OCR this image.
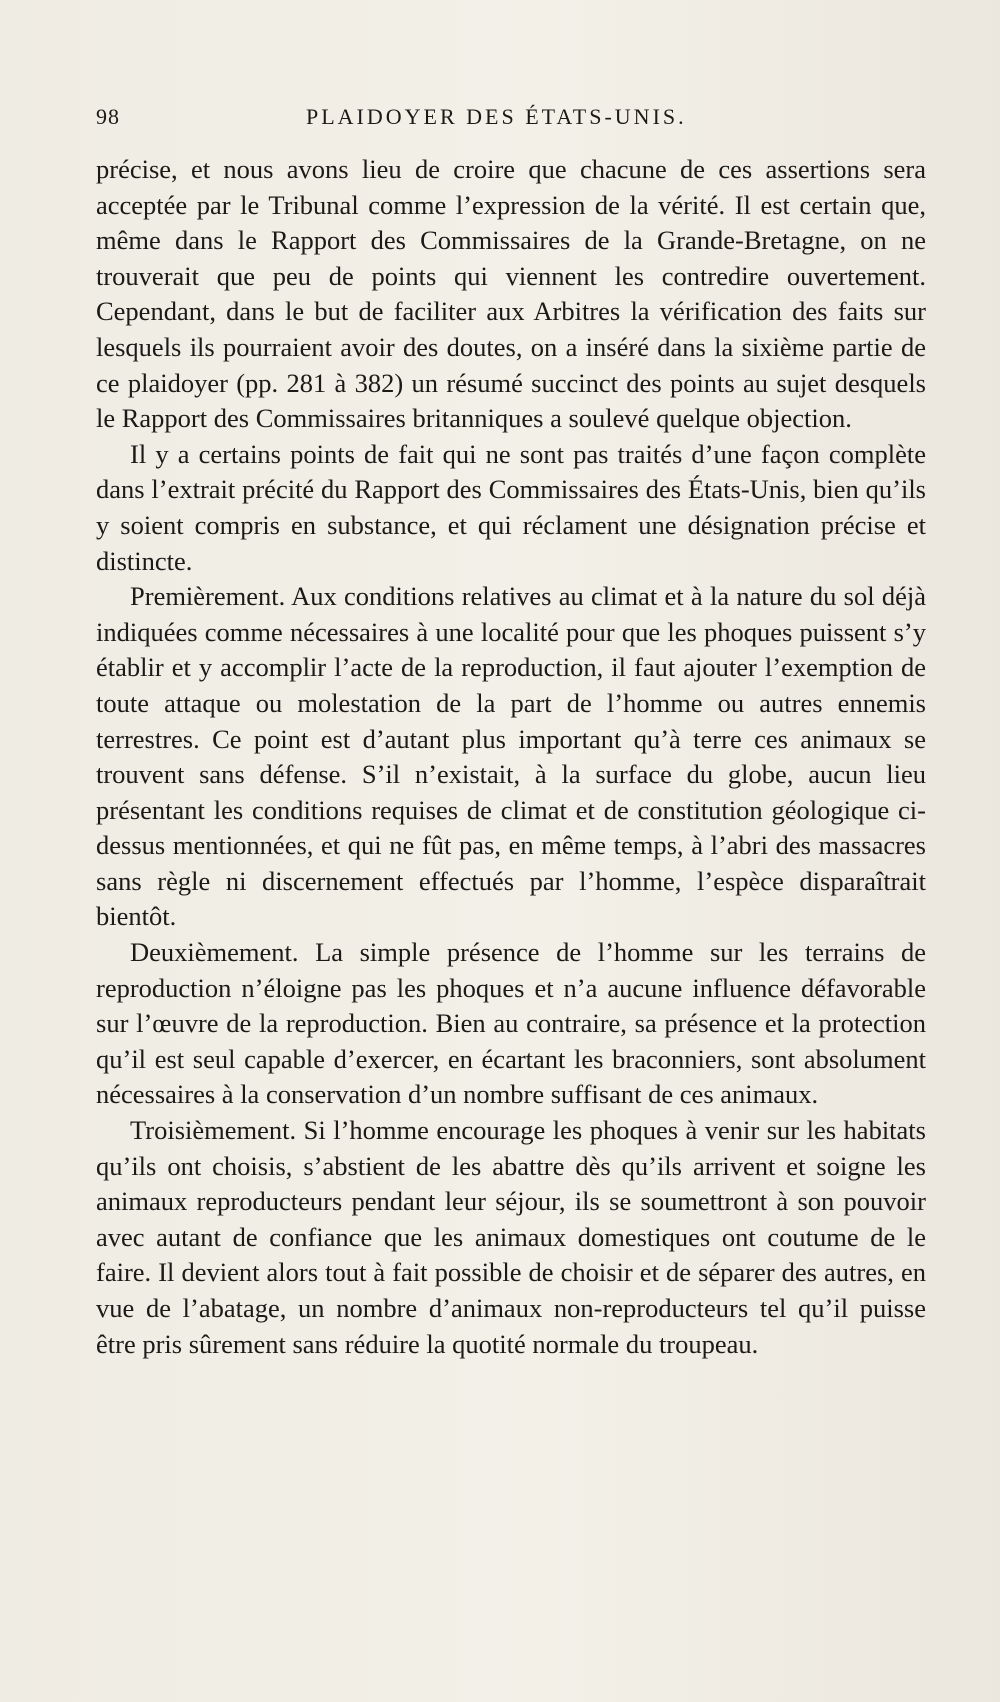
98	PLAIDOYER DES ÉTATS-UNIS.

précise, et nous avons lieu de croire que chacune de ces assertions sera acceptée par le Tribunal comme l’expression de la vérité. Il est certain que, même dans le Rapport des Commissaires de la Grande-Bretagne, on ne trouverait que peu de points qui viennent les contredire ouvertement. Cependant, dans le but de faciliter aux Arbitres la vérification des faits sur lesquels ils pourraient avoir des doutes, on a inséré dans la sixième partie de ce plaidoyer (pp. 281 à 382) un résumé succinct des points au sujet desquels le Rapport des Commissaires britanniques a soulevé quelque objection.

Il y a certains points de fait qui ne sont pas traités d’une façon complète dans l’extrait précité du Rapport des Commissaires des États-Unis, bien qu’ils y soient compris en substance, et qui réclament une désignation précise et distincte.

Premièrement. Aux conditions relatives au climat et à la nature du sol déjà indiquées comme nécessaires à une localité pour que les phoques puissent s’y établir et y accomplir l’acte de la reproduction, il faut ajouter l’exemption de toute attaque ou molestation de la part de l’homme ou autres ennemis terrestres. Ce point est d’autant plus important qu’à terre ces animaux se trouvent sans défense. S’il n’existait, à la surface du globe, aucun lieu présentant les conditions requises de climat et de constitution géologique ci-dessus mentionnées, et qui ne fût pas, en même temps, à l’abri des massacres sans règle ni discernement effectués par l’homme, l’espèce disparaîtrait bientôt.

Deuxièmement. La simple présence de l’homme sur les terrains de reproduction n’éloigne pas les phoques et n’a aucune influence défavorable sur l’œuvre de la reproduction. Bien au contraire, sa présence et la protection qu’il est seul capable d’exercer, en écartant les braconniers, sont absolument nécessaires à la conservation d’un nombre suffisant de ces animaux.

Troisièmement. Si l’homme encourage les phoques à venir sur les habitats qu’ils ont choisis, s’abstient de les abattre dès qu’ils arrivent et soigne les animaux reproducteurs pendant leur séjour, ils se soumettront à son pouvoir avec autant de confiance que les animaux domestiques ont coutume de le faire. Il devient alors tout à fait possible de choisir et de séparer des autres, en vue de l’abatage, un nombre d’animaux non-reproducteurs tel qu’il puisse être pris sûrement sans réduire la quotité normale du troupeau.
